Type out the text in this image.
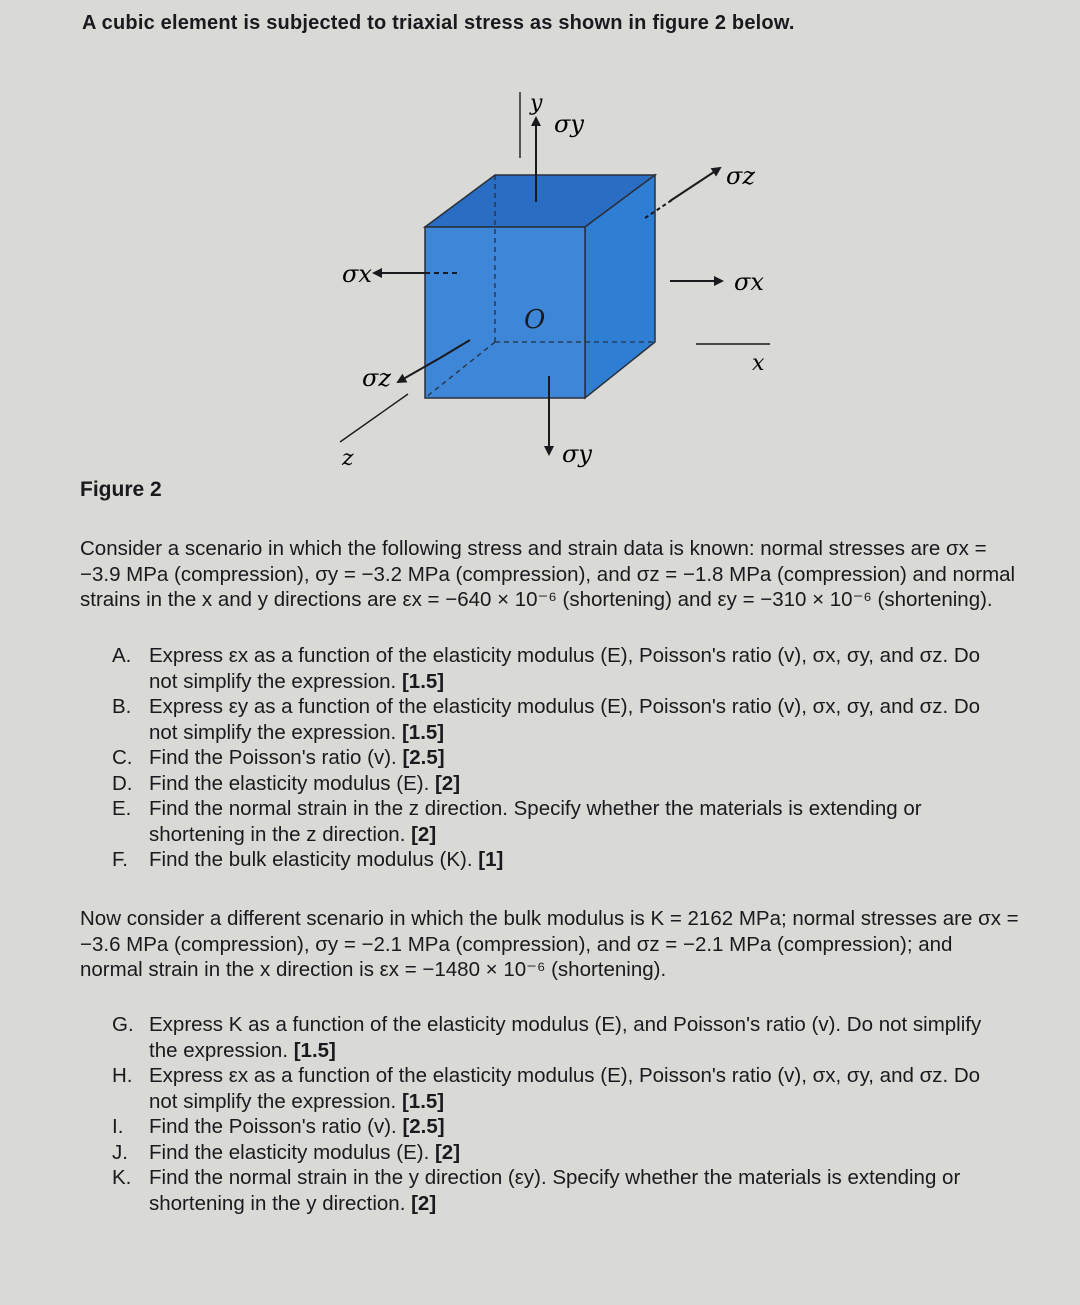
A cubic element is subjected to triaxial stress as shown in figure 2 below.
y
x
z
O
σy
σy
σz
σx	σx
σz
Figure 2
Consider a scenario in which the following stress and strain data is known: normal stresses are σx = −3.9 MPa (compression), σy = −3.2 MPa (compression), and σz = −1.8 MPa (compression) and normal strains in the x and y directions are εx = −640 × 10⁻⁶ (shortening) and εy = −310 × 10⁻⁶ (shortening).
A. Express εx as a function of the elasticity modulus (E), Poisson's ratio (v), σx, σy, and σz. Do not simplify the expression. [1.5]
B. Express εy as a function of the elasticity modulus (E), Poisson's ratio (v), σx, σy, and σz. Do not simplify the expression. [1.5]
C. Find the Poisson's ratio (v). [2.5]
D. Find the elasticity modulus (E). [2]
E. Find the normal strain in the z direction. Specify whether the materials is extending or shortening in the z direction. [2]
F.	Find the bulk elasticity modulus (K). [1]
Now consider a different scenario in which the bulk modulus is K = 2162 MPa; normal stresses are σx = −3.6 MPa (compression), σy = −2.1 MPa (compression), and σz = −2.1 MPa (compression); and normal strain in the x direction is εx = −1480 × 10⁻⁶ (shortening).
G. Express K as a function of the elasticity modulus (E), and Poisson's ratio (v). Do not simplify the expression. [1.5]
H. Express εx as a function of the elasticity modulus (E), Poisson's ratio (v), σx, σy, and σz. Do not simplify the expression. [1.5]
I.	Find the Poisson's ratio (v). [2.5]
J.	Find the elasticity modulus (E). [2]
K. Find the normal strain in the y direction (εy). Specify whether the materials is extending or shortening in the y direction. [2]
